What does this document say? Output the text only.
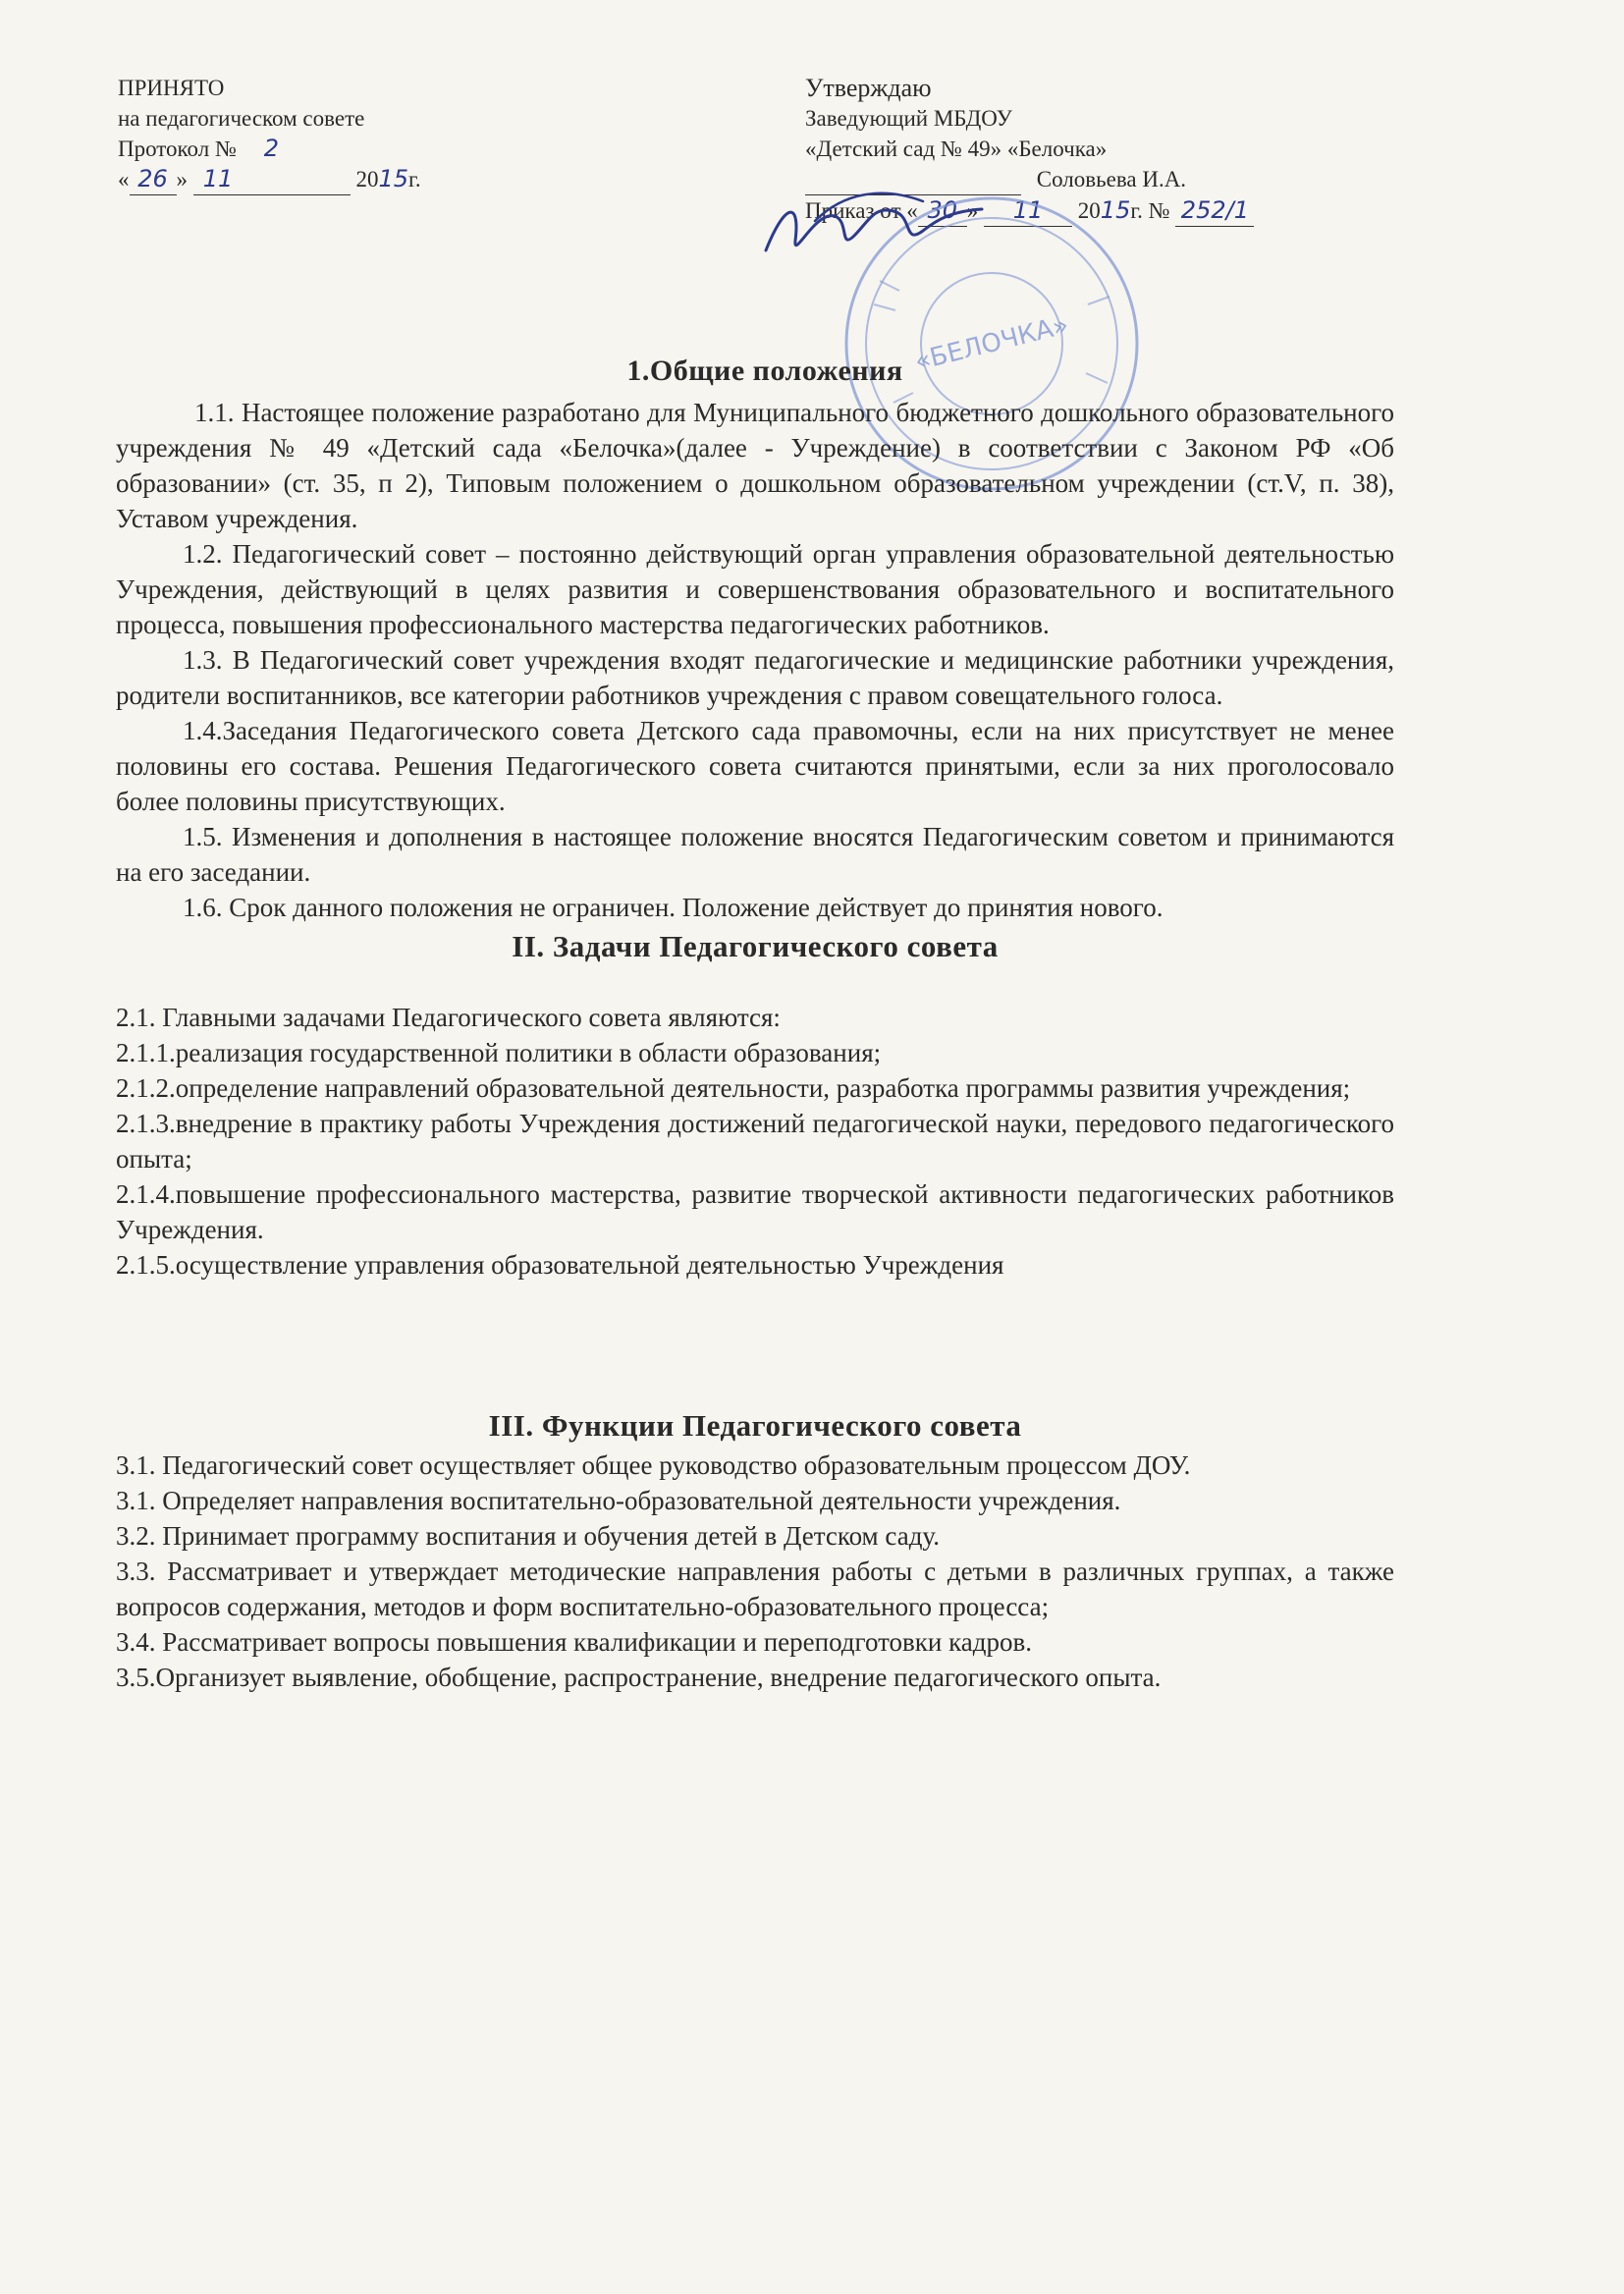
ПРИНЯТО
на педагогическом совете
Протокол № 2
« 26 » 11	2015г.
Утверждаю
Заведующий МБДОУ
«Детский сад № 49» «Белочка»
Соловьева И.А.
Приказ от « 30 » 11 2015г. № 252/1
«БЕЛОЧКА»
1.Общие положения

1.1. Настоящее положение разработано для Муниципального бюджетного дошкольного образовательного учреждения № 49 «Детский сада «Белочка»(далее - Учреждение) в соответствии с Законом РФ «Об образовании» (ст. 35, п 2), Типовым положением о дошкольном образовательном учреждении (ст.V, п. 38), Уставом учреждения.

1.2. Педагогический совет – постоянно действующий орган управления образовательной деятельностью Учреждения, действующий в целях развития и совершенствования образовательного и воспитательного процесса, повышения профессионального мастерства педагогических работников.

1.3. В Педагогический совет учреждения входят педагогические и медицинские работники учреждения, родители воспитанников, все категории работников учреждения с правом совещательного голоса.

1.4.Заседания Педагогического совета Детского сада правомочны, если на них присутствует не менее половины его состава. Решения Педагогического совета считаются принятыми, если за них проголосовало более половины присутствующих.

1.5. Изменения и дополнения в настоящее положение вносятся Педагогическим советом и принимаются на его заседании.

1.6. Срок данного положения не ограничен. Положение действует до принятия нового.

II. Задачи Педагогического совета

2.1. Главными задачами Педагогического совета являются:

2.1.1.реализация государственной политики в области образования;

2.1.2.определение направлений образовательной деятельности, разработка программы развития учреждения;

2.1.3.внедрение в практику работы Учреждения достижений педагогической науки, передового педагогического опыта;

2.1.4.повышение профессионального мастерства, развитие творческой активности педагогических работников Учреждения.

2.1.5.осуществление управления образовательной деятельностью Учреждения

III. Функции Педагогического совета

3.1. Педагогический совет осуществляет общее руководство образовательным процессом ДОУ.

3.1. Определяет направления воспитательно-образовательной деятельности учреждения.

3.2. Принимает программу воспитания и обучения детей в Детском саду.

3.3. Рассматривает и утверждает методические направления работы с детьми в различных группах, а также вопросов содержания, методов и форм воспитательно-образовательного процесса;

3.4. Рассматривает вопросы повышения квалификации и переподготовки кадров.

3.5.Организует выявление, обобщение, распространение, внедрение педагогического опыта.
